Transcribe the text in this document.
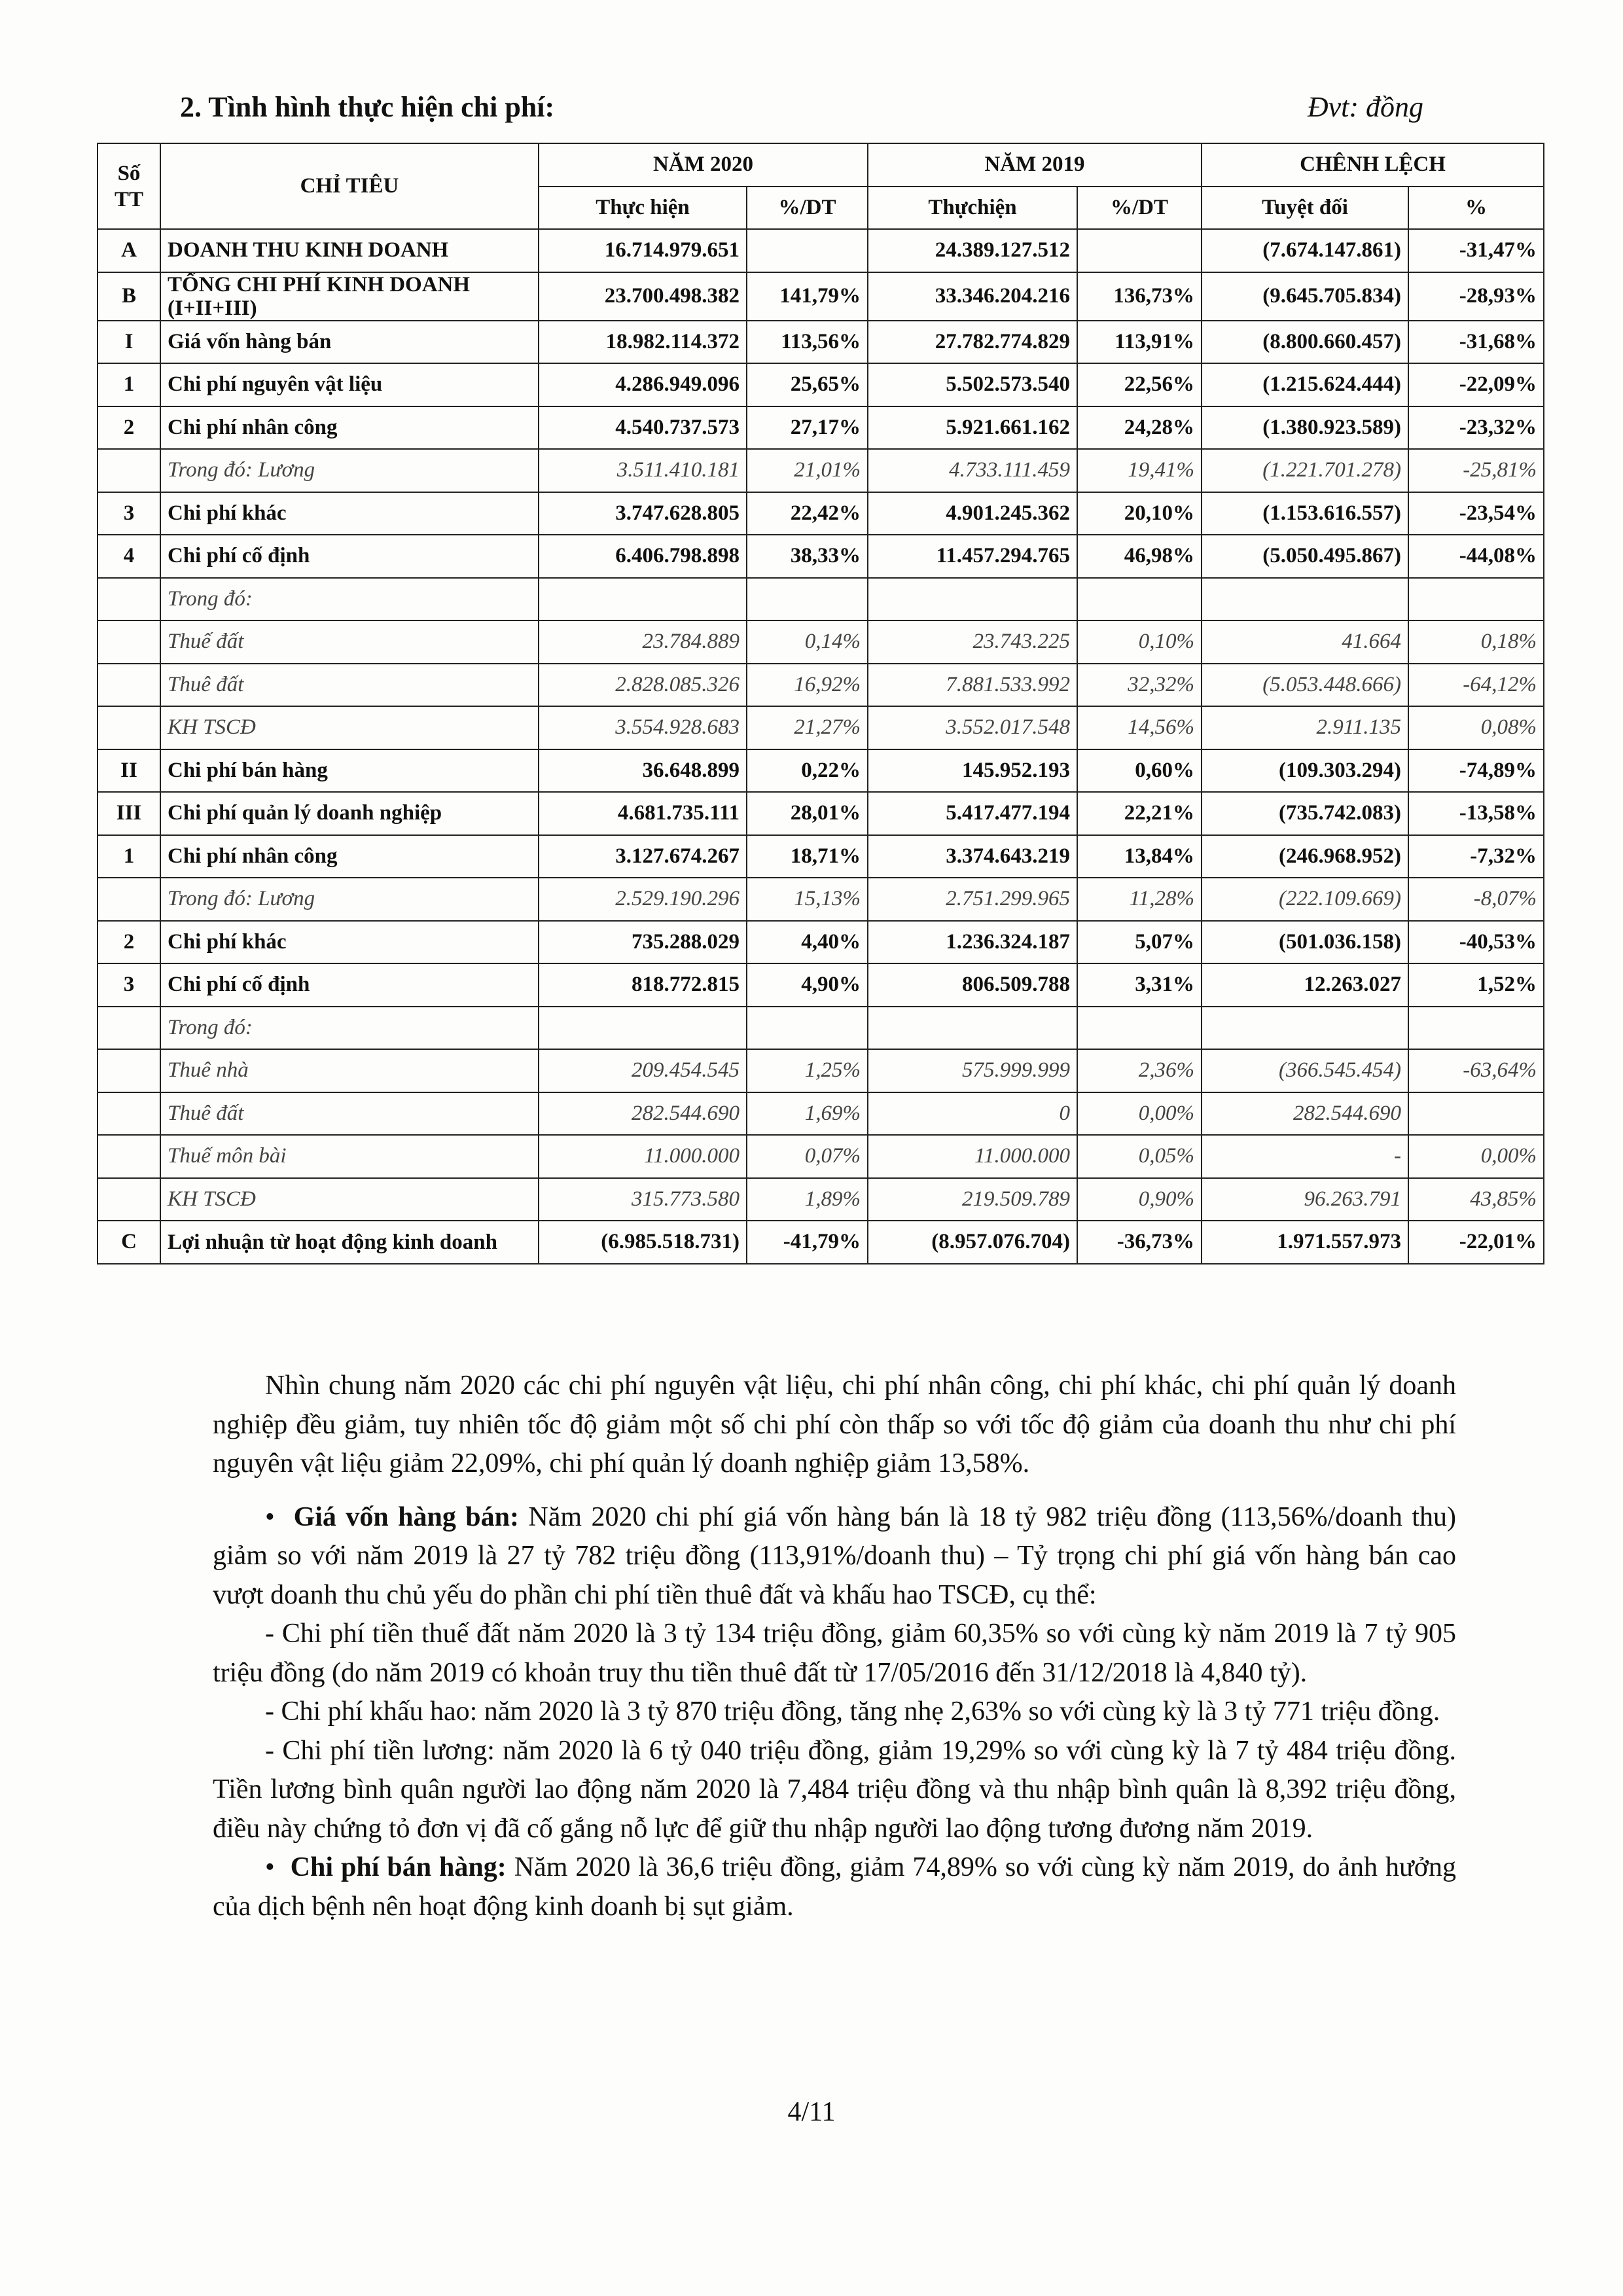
2. Tình hình thực hiện chi phí:	Đvt: đồng
Số TT	CHỈ TIÊU	NĂM 2020		NĂM 2019		CHÊNH LỆCH	
		Thực hiện	%/DT	Thựchiện	%/DT	Tuyệt đối	%
A	DOANH THU KINH DOANH	16.714.979.651		24.389.127.512		(7.674.147.861)	-31,47%
B	TỔNG CHI PHÍ KINH DOANH (I+II+III)	23.700.498.382	141,79%	33.346.204.216	136,73%	(9.645.705.834)	-28,93%
I	Giá vốn hàng bán	18.982.114.372	113,56%	27.782.774.829	113,91%	(8.800.660.457)	-31,68%
1	Chi phí nguyên vật liệu	4.286.949.096	25,65%	5.502.573.540	22,56%	(1.215.624.444)	-22,09%
2	Chi phí nhân công	4.540.737.573	27,17%	5.921.661.162	24,28%	(1.380.923.589)	-23,32%
	Trong đó: Lương	3.511.410.181	21,01%	4.733.111.459	19,41%	(1.221.701.278)	-25,81%
3	Chi phí khác	3.747.628.805	22,42%	4.901.245.362	20,10%	(1.153.616.557)	-23,54%
4	Chi phí cố định	6.406.798.898	38,33%	11.457.294.765	46,98%	(5.050.495.867)	-44,08%
	Trong đó:						
	Thuế đất	23.784.889	0,14%	23.743.225	0,10%	41.664	0,18%
	Thuê đất	2.828.085.326	16,92%	7.881.533.992	32,32%	(5.053.448.666)	-64,12%
	KH TSCĐ	3.554.928.683	21,27%	3.552.017.548	14,56%	2.911.135	0,08%
II	Chi phí bán hàng	36.648.899	0,22%	145.952.193	0,60%	(109.303.294)	-74,89%
III	Chi phí quản lý doanh nghiệp	4.681.735.111	28,01%	5.417.477.194	22,21%	(735.742.083)	-13,58%
1	Chi phí nhân công	3.127.674.267	18,71%	3.374.643.219	13,84%	(246.968.952)	-7,32%
	Trong đó: Lương	2.529.190.296	15,13%	2.751.299.965	11,28%	(222.109.669)	-8,07%
2	Chi phí khác	735.288.029	4,40%	1.236.324.187	5,07%	(501.036.158)	-40,53%
3	Chi phí cố định	818.772.815	4,90%	806.509.788	3,31%	12.263.027	1,52%
	Trong đó:						
	Thuê nhà	209.454.545	1,25%	575.999.999	2,36%	(366.545.454)	-63,64%
	Thuê đất	282.544.690	1,69%	0	0,00%	282.544.690	
	Thuế môn bài	11.000.000	0,07%	11.000.000	0,05%	-	0,00%
	KH TSCĐ	315.773.580	1,89%	219.509.789	0,90%	96.263.791	43,85%
C	Lợi nhuận từ hoạt động kinh doanh	(6.985.518.731)	-41,79%	(8.957.076.704)	-36,73%	1.971.557.973	-22,01%

Nhìn chung năm 2020 các chi phí nguyên vật liệu, chi phí nhân công, chi phí khác, chi phí quản lý doanh nghiệp đều giảm, tuy nhiên tốc độ giảm một số chi phí còn thấp so với tốc độ giảm của doanh thu như chi phí nguyên vật liệu giảm 22,09%, chi phí quản lý doanh nghiệp giảm 13,58%.

•  Giá vốn hàng bán: Năm 2020 chi phí giá vốn hàng bán là 18 tỷ 982 triệu đồng (113,56%/doanh thu) giảm so với năm 2019 là 27 tỷ 782 triệu đồng (113,91%/doanh thu) – Tỷ trọng chi phí giá vốn hàng bán cao vượt doanh thu chủ yếu do phần chi phí tiền thuê đất và khấu hao TSCĐ, cụ thể:

- Chi phí tiền thuế đất năm 2020 là 3 tỷ 134 triệu đồng, giảm 60,35% so với cùng kỳ năm 2019 là 7 tỷ 905 triệu đồng (do năm 2019 có khoản truy thu tiền thuê đất từ 17/05/2016 đến 31/12/2018 là 4,840 tỷ).

- Chi phí khấu hao: năm 2020 là 3 tỷ 870 triệu đồng, tăng nhẹ 2,63% so với cùng kỳ là 3 tỷ 771 triệu đồng.

- Chi phí tiền lương: năm 2020 là 6 tỷ 040 triệu đồng, giảm 19,29% so với cùng kỳ là 7 tỷ 484 triệu đồng. Tiền lương bình quân người lao động năm 2020 là 7,484 triệu đồng và thu nhập bình quân là 8,392 triệu đồng, điều này chứng tỏ đơn vị đã cố gắng nỗ lực để giữ thu nhập người lao động tương đương năm 2019.

•  Chi phí bán hàng: Năm 2020 là 36,6 triệu đồng, giảm 74,89% so với cùng kỳ năm 2019, do ảnh hưởng của dịch bệnh nên hoạt động kinh doanh bị sụt giảm.

4/11
